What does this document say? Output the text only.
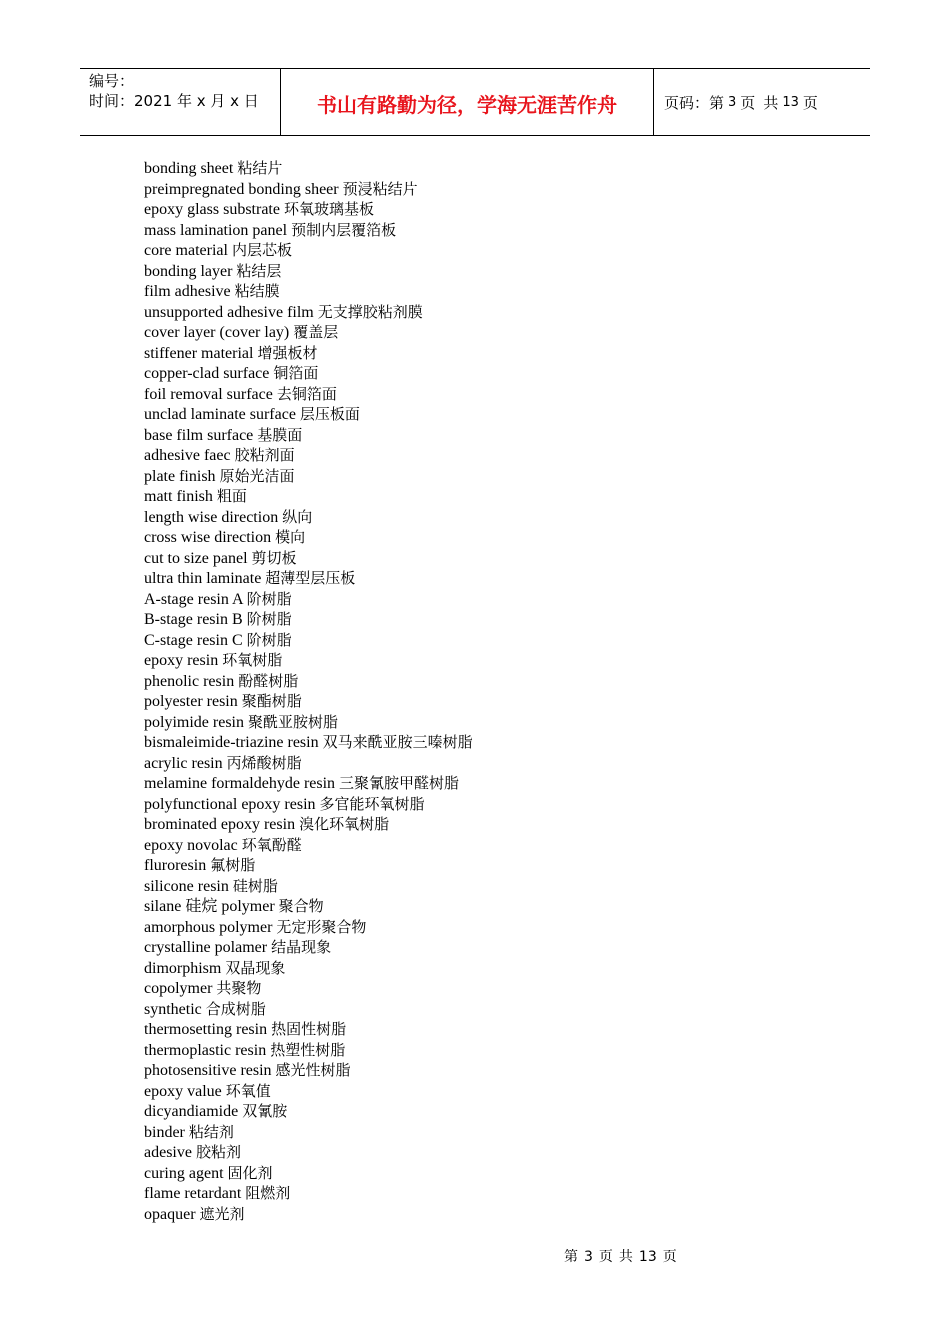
编号：
时间：2021 年 x 月 x 日	书山有路勤为径，学海无涯苦作舟	页码：第 3 页 共 13 页
bonding sheet 粘结片
preimpregnated bonding sheer 预浸粘结片
epoxy glass substrate 环氧玻璃基板
mass lamination panel 预制内层覆箔板
core material 内层芯板
bonding layer 粘结层
film adhesive 粘结膜
unsupported adhesive film 无支撑胶粘剂膜
cover layer (cover lay) 覆盖层
stiffener material 增强板材
copper-clad surface 铜箔面
foil removal surface 去铜箔面
unclad laminate surface 层压板面
base film surface 基膜面
adhesive faec 胶粘剂面
plate finish 原始光洁面
matt finish 粗面
length wise direction 纵向
cross wise direction 模向
cut to size panel 剪切板
ultra thin laminate 超薄型层压板
A-stage resin A 阶树脂
B-stage resin B 阶树脂
C-stage resin C 阶树脂
epoxy resin 环氧树脂
phenolic resin 酚醛树脂
polyester resin 聚酯树脂
polyimide resin 聚酰亚胺树脂
bismaleimide-triazine resin 双马来酰亚胺三嗪树脂
acrylic resin 丙烯酸树脂
melamine formaldehyde resin 三聚氰胺甲醛树脂
polyfunctional epoxy resin 多官能环氧树脂
brominated epoxy resin 溴化环氧树脂
epoxy novolac 环氧酚醛
fluroresin 氟树脂
silicone resin 硅树脂
silane 硅烷 polymer 聚合物
amorphous polymer 无定形聚合物
crystalline polamer 结晶现象
dimorphism 双晶现象
copolymer 共聚物
synthetic 合成树脂
thermosetting resin 热固性树脂
thermoplastic resin 热塑性树脂
photosensitive resin 感光性树脂
epoxy value 环氧值
dicyandiamide 双氰胺
binder 粘结剂
adesive 胶粘剂
curing agent 固化剂
flame retardant 阻燃剂
opaquer 遮光剂
第 3 页 共 13 页
